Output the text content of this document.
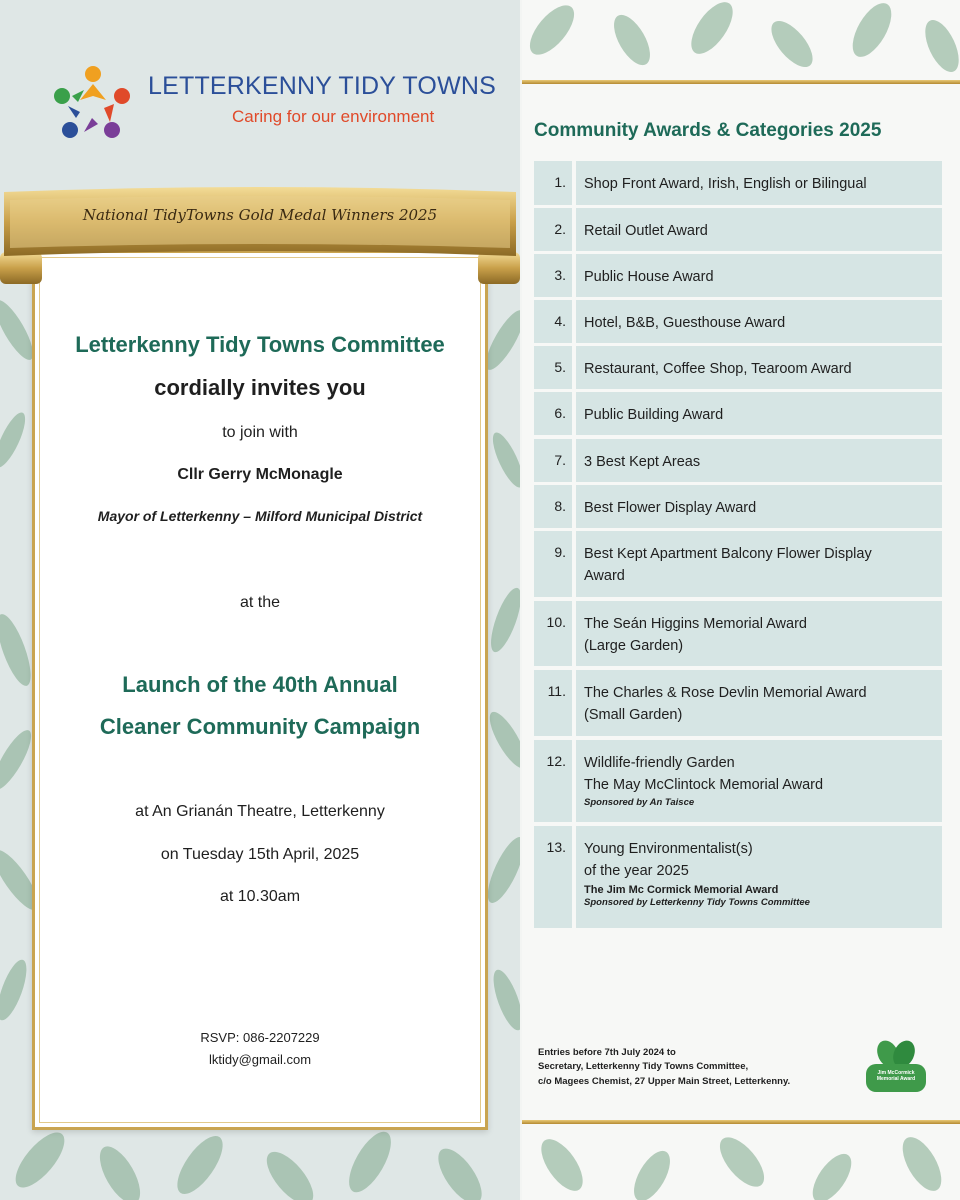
LETTERKENNY TIDY TOWNS
Caring for our environment
National TidyTowns Gold Medal Winners 2025
Letterkenny Tidy Towns Committee
cordially invites you
to join with
Cllr Gerry McMonagle
Mayor of Letterkenny – Milford Municipal District
at the
Launch of the 40th Annual
Cleaner Community Campaign
at An Grianán Theatre, Letterkenny
on Tuesday 15th April, 2025
at 10.30am
RSVP: 086-2207229
lktidy@gmail.com
Community Awards & Categories 2025
1.	Shop Front Award, Irish, English or Bilingual
2.	Retail Outlet Award
3.	Public House Award
4.	Hotel, B&B, Guesthouse Award
5.	Restaurant, Coffee Shop, Tearoom Award
6.	Public Building Award
7.	3 Best Kept Areas
8.	Best Flower Display Award
9.	Best Kept Apartment Balcony Flower Display
Award
10.	The Seán Higgins Memorial Award
(Large Garden)
11.	The Charles & Rose Devlin Memorial Award
(Small Garden)
12.	Wildlife-friendly Garden
The May McClintock Memorial Award
Sponsored by An Taisce
13.	Young Environmentalist(s)
of the year 2025
The Jim Mc Cormick Memorial Award
Sponsored by Letterkenny Tidy Towns Committee
Entries before 7th July 2024 to
Secretary, Letterkenny Tidy Towns Committee,
c/o Magees Chemist, 27 Upper Main Street, Letterkenny.
Jim McCormick Memorial Award
